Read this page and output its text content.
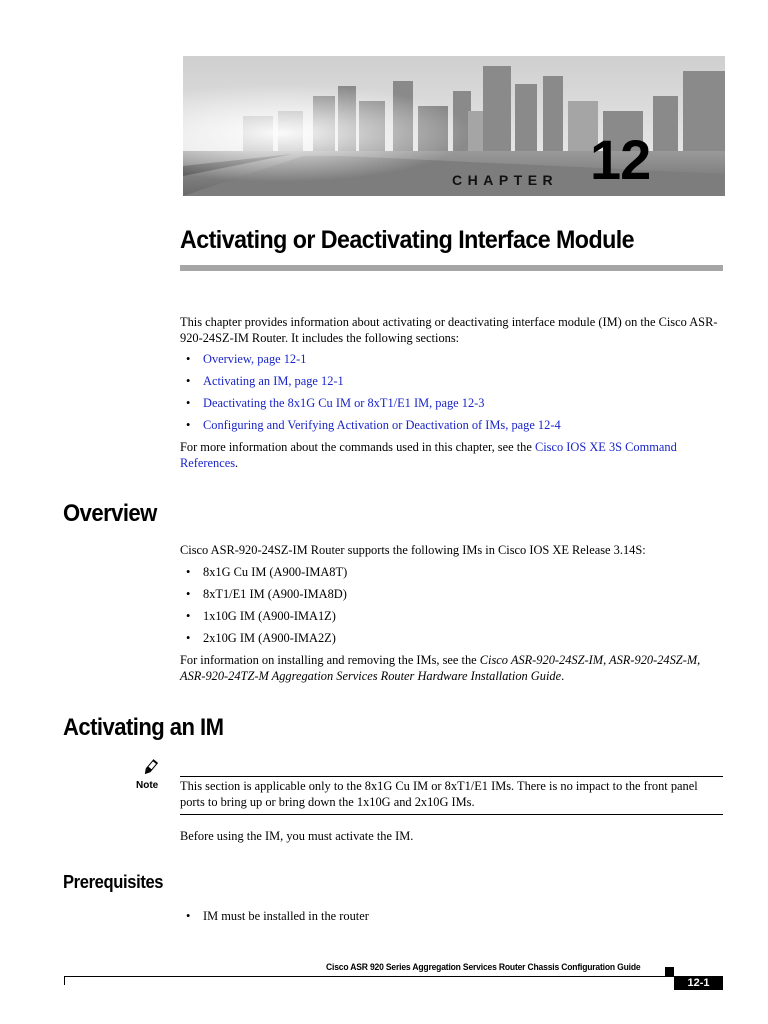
CHAPTER 12
Activating or Deactivating Interface Module

This chapter provides information about activating or deactivating interface module (IM) on the Cisco ASR-920-24SZ-IM Router. It includes the following sections:

• Overview, page 12-1
• Activating an IM, page 12-1
• Deactivating the 8x1G Cu IM or 8xT1/E1 IM, page 12-3
• Configuring and Verifying Activation or Deactivation of IMs, page 12-4

For more information about the commands used in this chapter, see the Cisco IOS XE 3S Command References.

Overview

Cisco ASR-920-24SZ-IM Router supports the following IMs in Cisco IOS XE Release 3.14S:

• 8x1G Cu IM (A900-IMA8T)
• 8xT1/E1 IM (A900-IMA8D)
• 1x10G IM (A900-IMA1Z)
• 2x10G IM (A900-IMA2Z)

For information on installing and removing the IMs, see the Cisco ASR-920-24SZ-IM, ASR-920-24SZ-M, ASR-920-24TZ-M Aggregation Services Router Hardware Installation Guide.

Activating an IM
Note This section is applicable only to the 8x1G Cu IM or 8xT1/E1 IMs. There is no impact to the front panel ports to bring up or bring down the 1x10G and 2x10G IMs.

Before using the IM, you must activate the IM.

Prerequisites
• IM must be installed in the router
Cisco ASR 920 Series Aggregation Services Router Chassis Configuration Guide
12-1
